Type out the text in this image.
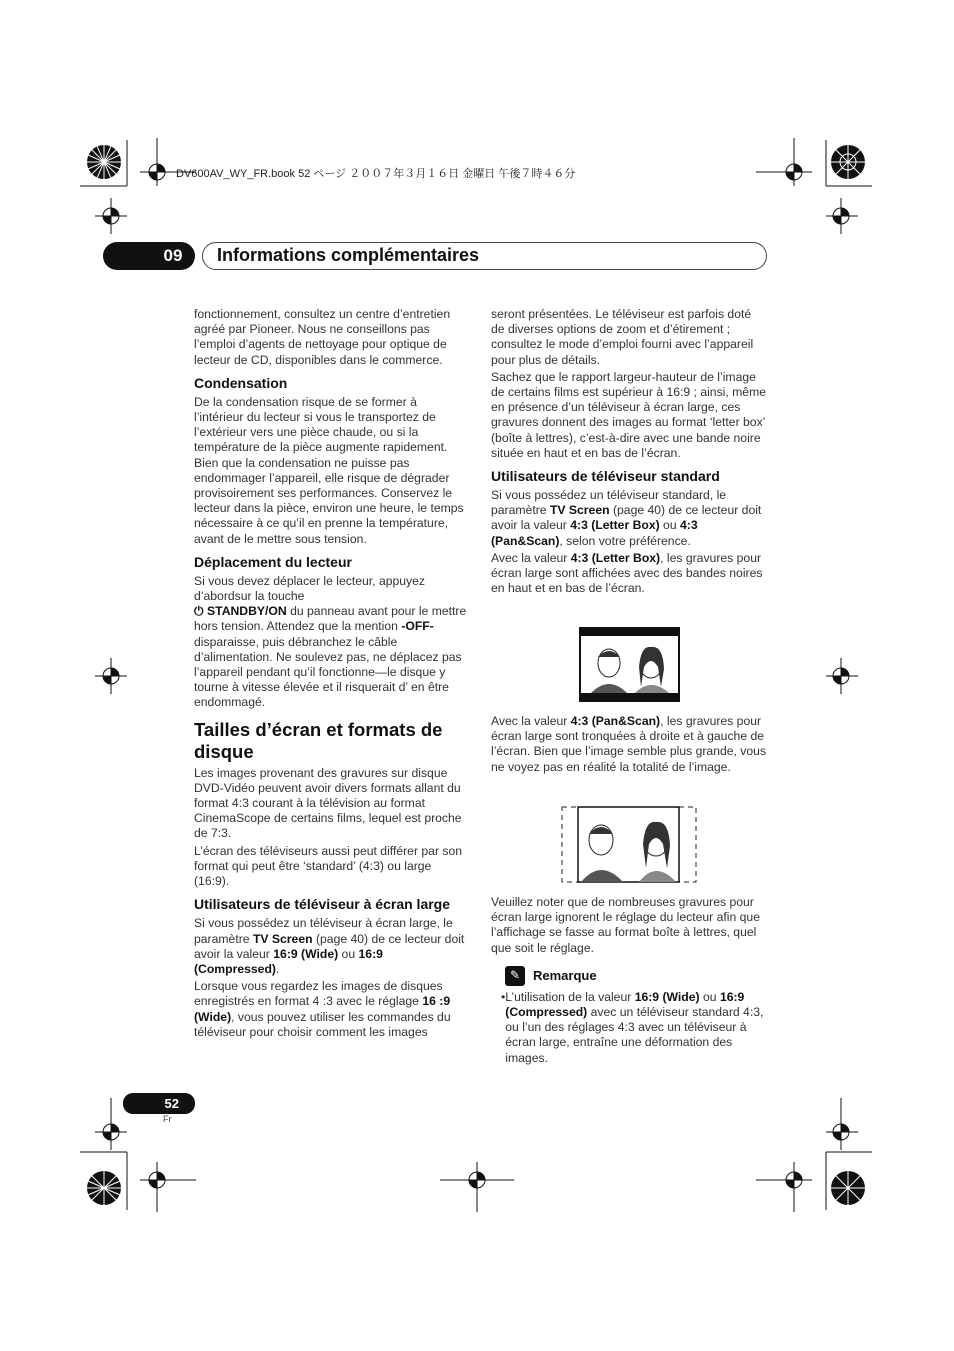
DV600AV_WY_FR.book 52 ページ ２００７年３月１６日 金曜日 午後７時４６分
09	Informations complémentaires

fonctionnement, consultez un centre d’entretien agréé par Pioneer. Nous ne conseillons pas l’emploi d’agents de nettoyage pour optique de lecteur de CD, disponibles dans le commerce.

Condensation

De la condensation risque de se former à l’intérieur du lecteur si vous le transportez de l’extérieur vers une pièce chaude, ou si la température de la pièce augmente rapidement. Bien que la condensation ne puisse pas endommager l’appareil, elle risque de dégrader provisoirement ses performances. Conservez le lecteur dans la pièce, environ une heure, le temps nécessaire à ce qu’il en prenne la température, avant de le mettre sous tension.

Déplacement du lecteur

Si vous devez déplacer le lecteur, appuyez d’abordsur la touche
⏻ STANDBY/ON du panneau avant pour le mettre hors tension. Attendez que la mention -OFF- disparaisse, puis débranchez le câble d’alimentation. Ne soulevez pas, ne déplacez pas l’appareil pendant qu’il fonctionne—le disque y tourne à vitesse élevée et il risquerait d’ en être endommagé.

Tailles d’écran et formats de disque

Les images provenant des gravures sur disque DVD-Vidéo peuvent avoir divers formats allant du format 4:3 courant à la télévision au format CinemaScope de certains films, lequel est proche de 7:3.

L’écran des téléviseurs aussi peut différer par son format qui peut être ‘standard’ (4:3) ou large (16:9).

Utilisateurs de téléviseur à écran large

Si vous possédez un téléviseur à écran large, le paramètre TV Screen (page 40) de ce lecteur doit avoir la valeur 16:9 (Wide) ou 16:9 (Compressed).

Lorsque vous regardez les images de disques enregistrés en format 4 :3 avec le réglage 16 :9 (Wide), vous pouvez utiliser les commandes du téléviseur pour choisir comment les images

seront présentées. Le téléviseur est parfois doté de diverses options de zoom et d’étirement ; consultez le mode d’emploi fourni avec l’appareil pour plus de détails.

Sachez que le rapport largeur-hauteur de l’image de certains films est supérieur à 16:9 ; ainsi, même en présence d’un téléviseur à écran large, ces gravures donnent des images au format ‘letter box’ (boîte à lettres), c’est-à-dire avec une bande noire située en haut et en bas de l’écran.

Utilisateurs de téléviseur standard

Si vous possédez un téléviseur standard, le paramètre TV Screen (page 40) de ce lecteur doit avoir la valeur 4:3 (Letter Box) ou 4:3 (Pan&Scan), selon votre préférence.

Avec la valeur 4:3 (Letter Box), les gravures pour écran large sont affichées avec des bandes noires en haut et en bas de l’écran.

Avec la valeur 4:3 (Pan&Scan), les gravures pour écran large sont tronquées à droite et à gauche de l’écran. Bien que l’image semble plus grande, vous ne voyez pas en réalité la totalité de l’image.

Veuillez noter que de nombreuses gravures pour écran large ignorent le réglage du lecteur afin que l’affichage se fasse au format boîte à lettres, quel que soit le réglage.

✎ Remarque
• L’utilisation de la valeur 16:9 (Wide) ou 16:9 (Compressed) avec un téléviseur standard 4:3, ou l’un des réglages 4:3 avec un téléviseur à écran large, entraîne une déformation des images.
52
Fr
